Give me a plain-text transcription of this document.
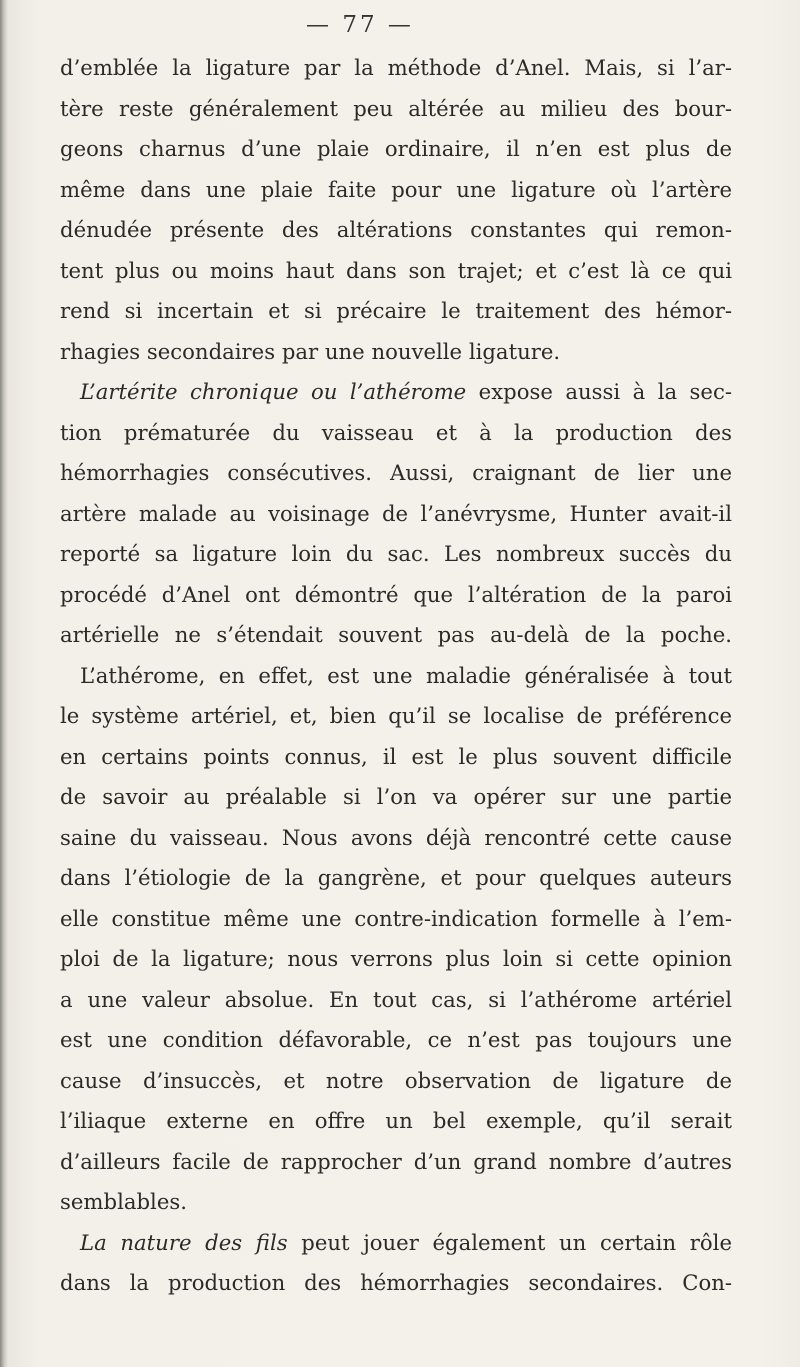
— 77 —
d’emblée la ligature par la méthode d’Anel. Mais, si l’ar-
tère reste généralement peu altérée au milieu des bour-
geons charnus d’une plaie ordinaire, il n’en est plus de
même dans une plaie faite pour une ligature où l’artère
dénudée présente des altérations constantes qui remon-
tent plus ou moins haut dans son trajet; et c’est là ce qui
rend si incertain et si précaire le traitement des hémor-
rhagies secondaires par une nouvelle ligature.
L’artérite chronique ou l’athérome expose aussi à la sec-
tion prématurée du vaisseau et à la production des
hémorrhagies consécutives. Aussi, craignant de lier une
artère malade au voisinage de l’anévrysme, Hunter avait-il
reporté sa ligature loin du sac. Les nombreux succès du
procédé d’Anel ont démontré que l’altération de la paroi
artérielle ne s’étendait souvent pas au-delà de la poche.
L’athérome, en effet, est une maladie généralisée à tout
le système artériel, et, bien qu’il se localise de préférence
en certains points connus, il est le plus souvent difficile
de savoir au préalable si l’on va opérer sur une partie
saine du vaisseau. Nous avons déjà rencontré cette cause
dans l’étiologie de la gangrène, et pour quelques auteurs
elle constitue même une contre-indication formelle à l’em-
ploi de la ligature; nous verrons plus loin si cette opinion
a une valeur absolue. En tout cas, si l’athérome artériel
est une condition défavorable, ce n’est pas toujours une
cause d’insuccès, et notre observation de ligature de
l’iliaque externe en offre un bel exemple, qu’il serait
d’ailleurs facile de rapprocher d’un grand nombre d’autres
semblables.
La nature des fils peut jouer également un certain rôle
dans la production des hémorrhagies secondaires. Con-
